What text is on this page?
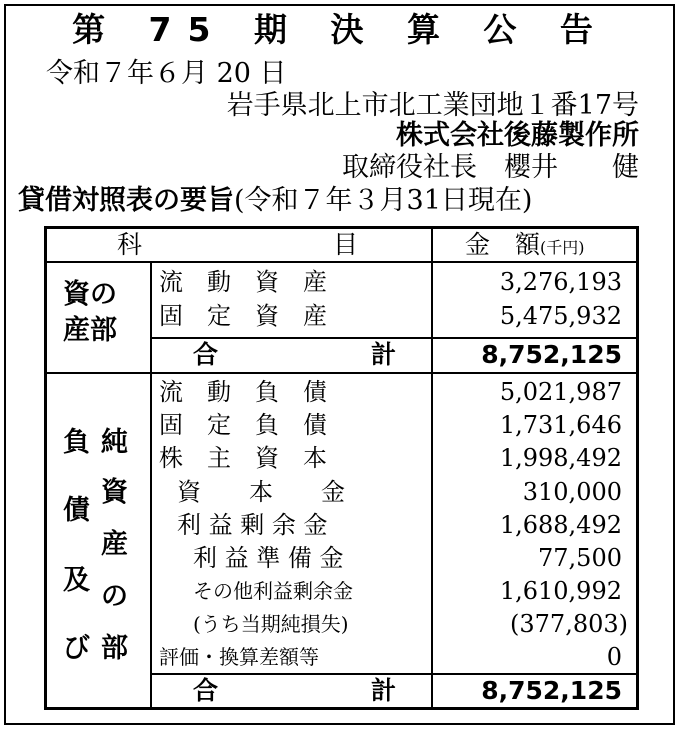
第 75 期 決 算 公 告
令和７年６月 20 日
岩手県北上市北工業団地１番17号
株式会社後藤製作所
取締役社長　櫻井　　健
貸借対照表の要旨(令和７年３月31日現在)
科	目	金　額(千円)
資の
産部
流　動　資　産	3,276,193
固　定　資　産	5,475,932
合	計	8,752,125
負
債
及
び
純
資
産
の
部
流　動　負　債	5,021,987
固　定　負　債	1,731,646
株　主　資　本	1,998,492
資　　本　　金	310,000
利 益 剰 余 金	1,688,492
利 益 準 備 金	77,500
その他利益剰余金	1,610,992
(うち当期純損失)	(377,803)
評価・換算差額等	0
合	計	8,752,125
